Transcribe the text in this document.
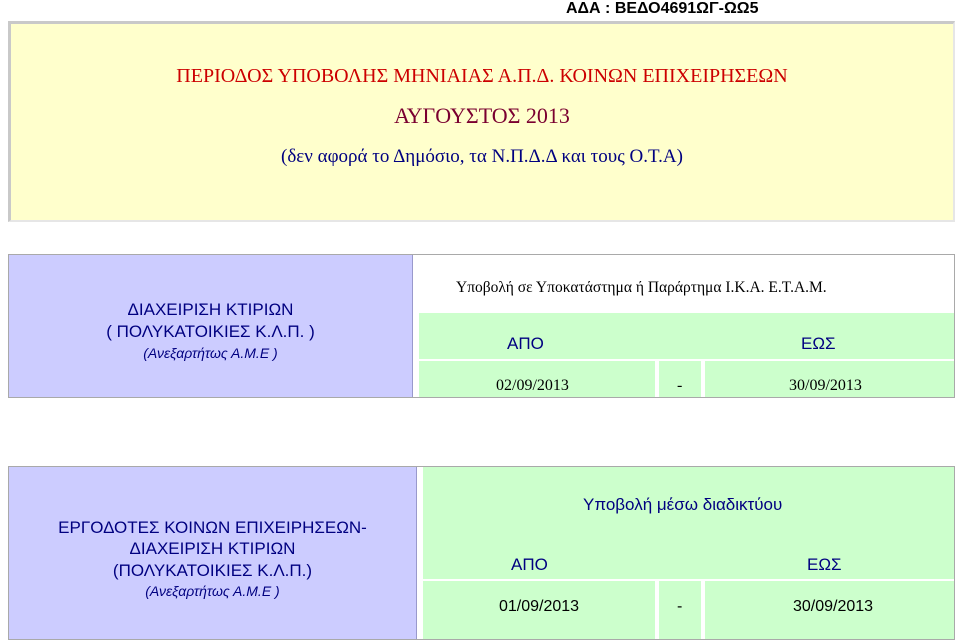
ΑΔΑ : ΒΕΔΟ4691ΩΓ-ΩΩ5
ΠΕΡΙΟΔΟΣ ΥΠΟΒΟΛΗΣ ΜΗΝΙΑΙΑΣ Α.Π.Δ. ΚΟΙΝΩΝ ΕΠΙΧΕΙΡΗΣΕΩΝ
ΑΥΓΟΥΣΤΟΣ 2013
(δεν αφορά το Δημόσιο, τα Ν.Π.Δ.Δ και τους Ο.Τ.Α)
ΔΙΑΧΕΙΡΙΣΗ ΚΤΙΡΙΩΝ
( ΠΟΛΥΚΑΤΟΙΚΙΕΣ Κ.Λ.Π. )
(Ανεξαρτήτως Α.Μ.Ε )
Υποβολή σε Υποκατάστημα ή Παράρτημα Ι.Κ.Α. Ε.Τ.Α.Μ.
ΑΠΟ	ΕΩΣ
02/09/2013	-	30/09/2013
ΕΡΓΟΔΟΤΕΣ ΚΟΙΝΩΝ ΕΠΙΧΕΙΡΗΣΕΩΝ-
ΔΙΑΧΕΙΡΙΣΗ ΚΤΙΡΙΩΝ
(ΠΟΛΥΚΑΤΟΙΚΙΕΣ Κ.Λ.Π.)
(Ανεξαρτήτως Α.Μ.Ε )
Υποβολή μέσω διαδικτύου
ΑΠΟ	ΕΩΣ
01/09/2013	-	30/09/2013
